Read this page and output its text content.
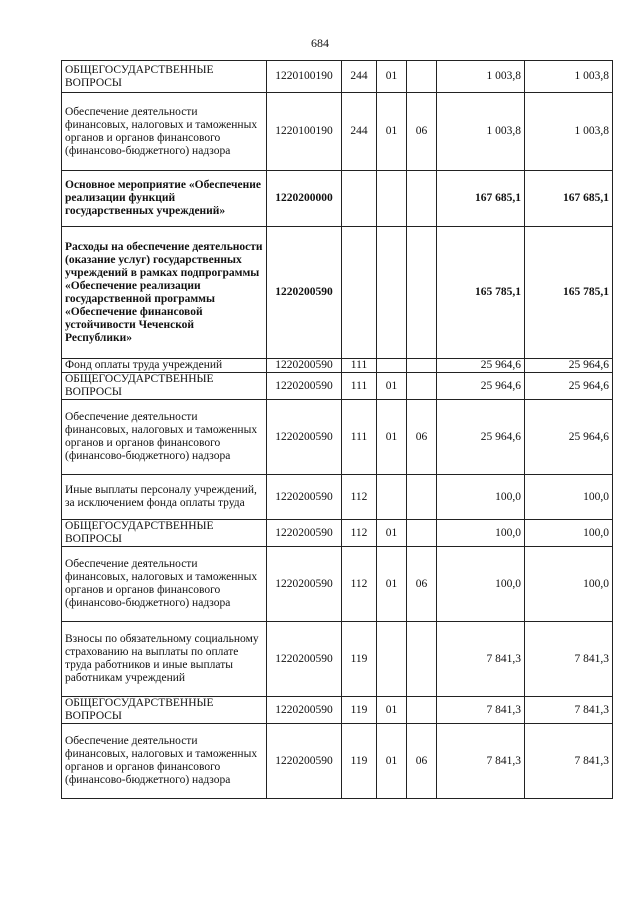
684
ОБЩЕГОСУДАРСТВЕННЫЕ ВОПРОСЫ	1220100190	244	01		1 003,8	1 003,8
Обеспечение деятельности финансовых, налоговых и таможенных органов и органов финансового (финансово-бюджетного) надзора	1220100190	244	01	06	1 003,8	1 003,8
Основное мероприятие «Обеспечение реализации функций государственных учреждений»	1220200000				167 685,1	167 685,1
Расходы на обеспечение деятельности (оказание услуг) государственных учреждений в рамках подпрограммы «Обеспечение реализации государственной программы «Обеспечение финансовой устойчивости Чеченской Республики»	1220200590				165 785,1	165 785,1
Фонд оплаты труда учреждений	1220200590	111			25 964,6	25 964,6
ОБЩЕГОСУДАРСТВЕННЫЕ ВОПРОСЫ	1220200590	111	01		25 964,6	25 964,6
Обеспечение деятельности финансовых, налоговых и таможенных органов и органов финансового (финансово-бюджетного) надзора	1220200590	111	01	06	25 964,6	25 964,6
Иные выплаты персоналу учреждений, за исключением фонда оплаты труда	1220200590	112			100,0	100,0
ОБЩЕГОСУДАРСТВЕННЫЕ ВОПРОСЫ	1220200590	112	01		100,0	100,0
Обеспечение деятельности финансовых, налоговых и таможенных органов и органов финансового (финансово-бюджетного) надзора	1220200590	112	01	06	100,0	100,0
Взносы по обязательному социальному страхованию на выплаты по оплате труда работников и иные выплаты работникам учреждений	1220200590	119			7 841,3	7 841,3
ОБЩЕГОСУДАРСТВЕННЫЕ ВОПРОСЫ	1220200590	119	01		7 841,3	7 841,3
Обеспечение деятельности финансовых, налоговых и таможенных органов и органов финансового (финансово-бюджетного) надзора	1220200590	119	01	06	7 841,3	7 841,3
